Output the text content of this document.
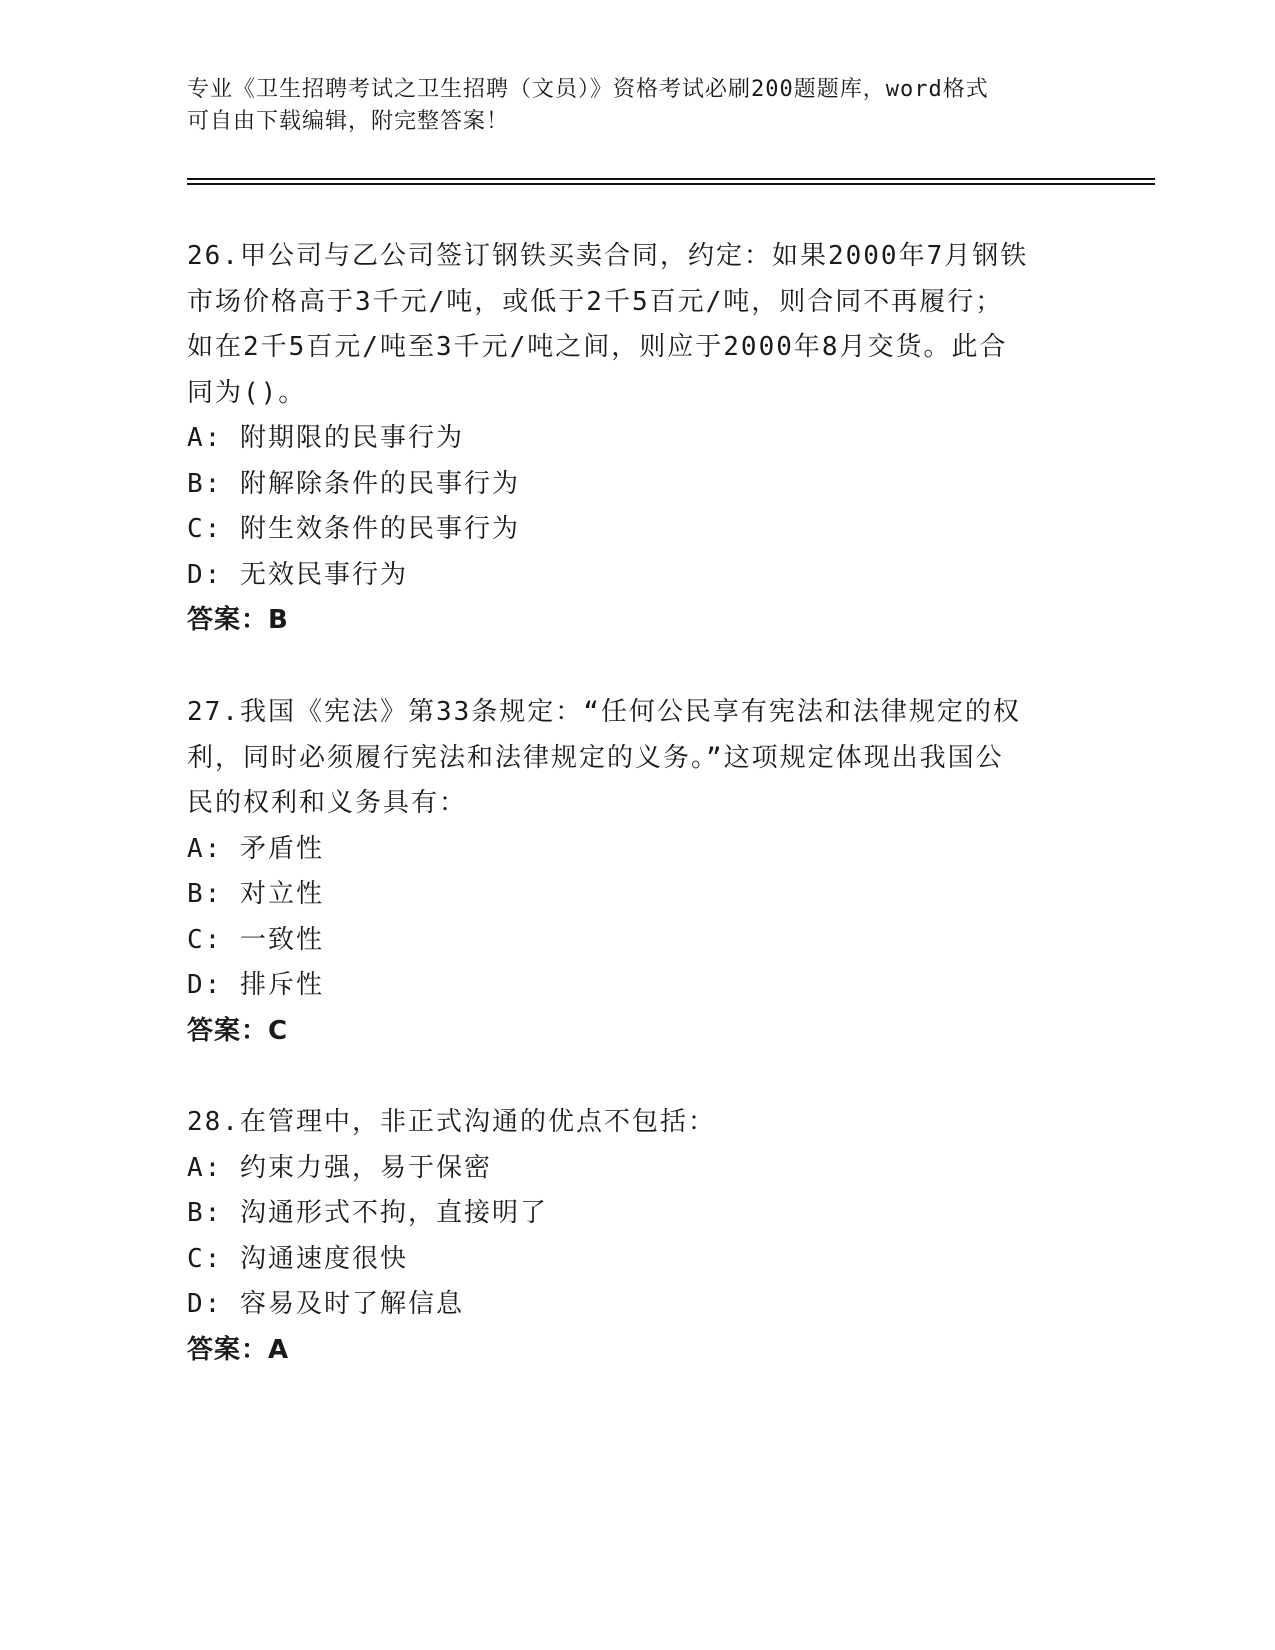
专业《卫生招聘考试之卫生招聘（文员）》资格考试必刷200题题库，word格式
可自由下载编辑，附完整答案！

26.甲公司与乙公司签订钢铁买卖合同，约定：如果2000年7月钢铁

市场价格高于3千元/吨，或低于2千5百元/吨，则合同不再履行；

如在2千5百元/吨至3千元/吨之间，则应于2000年8月交货。此合

同为()。

A: 附期限的民事行为
B: 附解除条件的民事行为
C: 附生效条件的民事行为
D: 无效民事行为

答案：B

27.我国《宪法》第33条规定：“任何公民享有宪法和法律规定的权

利，同时必须履行宪法和法律规定的义务。”这项规定体现出我国公

民的权利和义务具有：

A: 矛盾性
B: 对立性
C: 一致性
D: 排斥性

答案：C

28.在管理中，非正式沟通的优点不包括：

A: 约束力强，易于保密
B: 沟通形式不拘，直接明了
C: 沟通速度很快
D: 容易及时了解信息

答案：A
